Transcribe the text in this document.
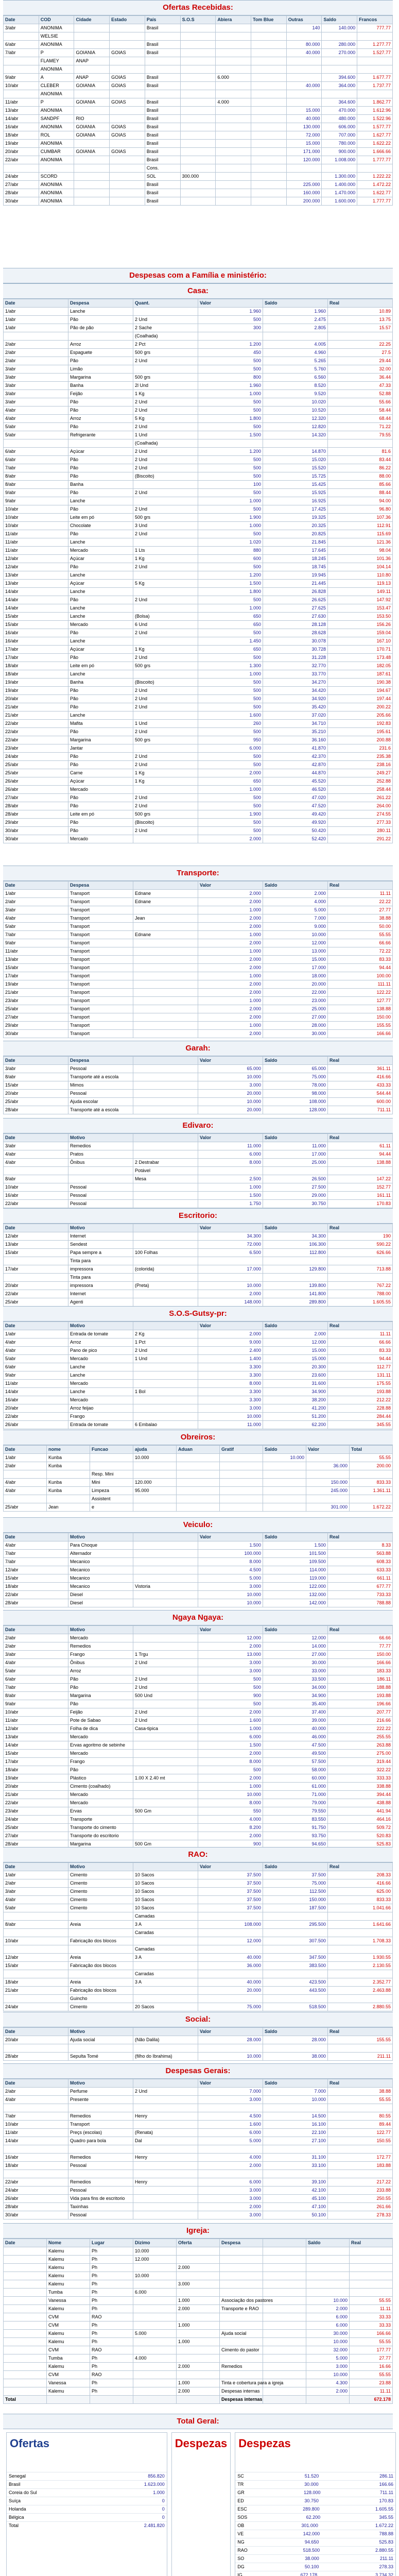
Ofertas Recebidas:
Date	COD	Cidade	Estado	País	S.O.S	Abiera	Tom Blue	Outras	Saldo	Francos
3/abr	ANONIMA			Brasil				140	140.000	777.77
	WELSIE									
6/abr	ANONIMA			Brasil				80.000	280.000	1.277.77
7/abr	P	GOIANIA	GOIAS	Brasil				40.000	270.000	1.527.77
	FLAMEY	ANAP								
	ANONIMA									
9/abr	A	ANAP	GOIAS	Brasil		6.000			394.600	1.677.77
10/abr	CLEBER	GOIANIA	GOIAS	Brasil				40.000	364.000	1.737.77
	ANONIMA									
11/abr	P	GOIANIA	GOIAS	Brasil		4.000			364.600	1.862.77
13/abr	ANONIMA			Brasil				15.000	470.000	1.612.96
14/abr	SANDPF	RIO		Brasil				40.000	480.000	1.522.96
16/abr	ANONIMA	GOIANIA	GOIAS	Brasil				130.000	606.000	1.577.77
18/abr	ROL	GOIANIA	GOIAS	Brasil				72.000	707.000	1.627.77
19/abr	ANONIMA			Brasil				15.000	780.000	1.622.22
20/abr	CUMBAR	GOIANIA	GOIAS	Brasil				171.000	900.000	1.666.66
22/abr	ANONIMA			Brasil				120.000	1.008.000	1.777.77
				Cons.						
24/abr	SCORD			SOL	300.000				1.300.000	1.222.22
27/abr	ANONIMA			Brasil				225.000	1.400.000	1.472.22
28/abr	ANONIMA			Brasil				160.000	1.470.000	1.622.77
30/abr	ANONIMA			Brasil				200.000	1.600.000	1.777.77
Despesas com a Família e ministério:
Casa:
Date	Despesa	Quant.	Valor	Saldo	Real
1/abr	Lanche		1.960	1.960	10.89
1/abr	Pão	2 Und	500	2.475	13.75
1/abr	Pão de pão	2 Sache	300	2.805	15.57
		(Coalhada)			
2/abr	Arroz	2 Pct	1.200	4.005	22.25
2/abr	Espaguete	500 grs	450	4.960	27.5
2/abr	Pão	2 Und	500	5.265	29.44
3/abr	Limão		500	5.760	32.00
3/abr	Margarina	500 grs	800	6.560	36.44
3/abr	Banha	2l Und	1.960	8.520	47.33
3/abr	Feijão	1 Kg	1.000	9.520	52.88
3/abr	Pão	2 Und	500	10.020	55.66
4/abr	Pão	2 Und	500	10.520	58.44
4/abr	Arroz	5 Kg	1.800	12.320	68.44
5/abr	Pão	2 Und	500	12.820	71.22
5/abr	Refrigerante	1 Und	1.500	14.320	79.55
		(Coalhada)			
6/abr	Açúcar	2 Und	1.200	14.870	81.6
6/abr	Pão	2 Und	500	15.020	83.44
7/abr	Pão	2 Und	500	15.520	86.22
8/abr	Pão	(Biscoito)	500	15.725	88.00
8/abr	Banha		100	15.425	85.66
9/abr	Pão	2 Und	500	15.925	88.44
9/abr	Lanche		1.000	16.925	94.00
10/abr	Pão	2 Und	500	17.425	96.80
10/abr	Leite em pó	500 grs	1.900	19.325	107.36
10/abr	Chocolate	3 Und	1.000	20.325	112.91
11/abr	Pão	2 Und	500	20.825	115.69
11/abr	Lanche		1.020	21.845	121.36
11/abr	Mercado	1 Lts	880	17.645	98.04
12/abr	Açúcar	1 Kg	600	18.245	101.36
12/abr	Pão	2 Und	500	18.745	104.14
13/abr	Lanche		1.200	19.945	110.80
13/abr	Açúcar	5 Kg	1.500	21.445	119.13
14/abr	Lanche		1.800	26.828	149.11
14/abr	Pão	2 Und	500	26.625	147.92
14/abr	Lanche		1.000	27.625	153.47
15/abr	Lanche	(Bolsa)	650	27.630	153.50
15/abr	Mercado	6 Und	650	28.128	156.26
16/abr	Pão	2 Und	500	28.628	159.04
16/abr	Lanche		1.450	30.078	167.10
17/abr	Açúcar	1 Kg	650	30.728	170.71
17/abr	Pão	2 Und	500	31.228	173.48
18/abr	Leite em pó	500 grs	1.300	32.770	182.05
18/abr	Lanche		1.000	33.770	187.61
19/abr	Banha	(Biscoito)	500	34.270	190.38
19/abr	Pão	2 Und	500	34.420	194.67
20/abr	Pão	2 Und	500	34.920	197.44
21/abr	Pão	2 Und	500	35.420	200.22
21/abr	Lanche		1.600	37.020	205.66
22/abr	Mafita	1 Und	260	34.710	192.83
22/abr	Pão	2 Und	500	35.210	195.61
22/abr	Margarina	500 grs	950	36.160	200.88
23/abr	Jantar		6.000	41.870	231.6
24/abr	Pão	2 Und	500	42.370	235.38
25/abr	Pão	2 Und	500	42.870	238.16
25/abr	Carne	1 Kg	2.000	44.870	249.27
26/abr	Açúcar	1 Kg	650	45.520	252.88
26/abr	Mercado		1.000	46.520	258.44
27/abr	Pão	2 Und	500	47.020	261.22
28/abr	Pão	2 Und	500	47.520	264.00
28/abr	Leite em pó	500 grs	1.900	49.420	274.55
29/abr	Pão	(Biscoito)	500	49.920	277.33
30/abr	Pão	2 Und	500	50.420	280.11
30/abr	Mercado		2.000	52.420	291.22
Transporte:
Date	Despesa		Valor	Saldo	Real
1/abr	Transport	Ednane	2.000	2.000	11.11
2/abr	Transport	Ednane	2.000	4.000	22.22
3/abr	Transport		1.000	5.000	27.77
4/abr	Transport	Jean	2.000	7.000	38.88
5/abr	Transport		2.000	9.000	50.00
7/abr	Transport	Ednane	1.000	10.000	55.55
9/abr	Transport		2.000	12.000	66.66
11/abr	Transport		1.000	13.000	72.22
13/abr	Transport		2.000	15.000	83.33
15/abr	Transport		2.000	17.000	94.44
17/abr	Transport		1.000	18.000	100.00
19/abr	Transport		2.000	20.000	111.11
21/abr	Transport		2.000	22.000	122.22
23/abr	Transport		1.000	23.000	127.77
25/abr	Transport		2.000	25.000	138.88
27/abr	Transport		2.000	27.000	150.00
29/abr	Transport		1.000	28.000	155.55
30/abr	Transport		2.000	30.000	166.66
Garah:
Date	Despesa		Valor	Saldo	Real
3/abr	Pessoal		65.000	65.000	361.11
8/abr	Transporte até a escola		10.000	75.000	416.66
15/abr	Mimos		3.000	78.000	433.33
20/abr	Pessoal		20.000	98.000	544.44
25/abr	Ajuda escolar		10.000	108.000	600.00
28/abr	Transporte até a escola		20.000	128.000	711.11
Edivaro:
Date	Motivo		Valor	Saldo	Real
3/abr	Remedios		11.000	11.000	61.11
4/abr	Pratos		6.000	17.000	94.44
4/abr	Ônibus	2 Destrabar	8.000	25.000	138.88
		Potável			
8/abr		Mesa	2.500	26.500	147.22
10/abr	Pessoal		1.000	27.500	152.77
16/abr	Pessoal		1.500	29.000	161.11
22/abr	Pessoal		1.750	30.750	170.83
Escritorio:
Date	Motivo		Valor	Saldo	Real
12/abr	Internet		34.300	34.300	190
13/abr	Sendest		72.000	106.300	590.22
15/abr	Papa sempre a	100 Folhas	6.500	112.800	626.66
	Tinta para				
17/abr	impressora	(colorida)	17.000	129.800	713.88
	Tinta para				
20/abr	impressora	(Preta)	10.000	139.800	767.22
22/abr	Internet		2.000	141.800	788.00
25/abr	Agenti		148.000	289.800	1.605.55
S.O.S-Gutsy-pr:
Date	Motivo		Valor	Saldo	Real
1/abr	Entrada de tomate	2 Kg	2.000	2.000	11.11
4/abr	Arroz	1 Pct	9.000	12.000	66.66
4/abr	Pano de pico	2 Und	2.400	15.000	83.33
5/abr	Mercado	1 Und	1.400	15.000	94.44
6/abr	Lanche		3.300	20.300	112.77
9/abr	Lanche		3.300	23.600	131.11
11/abr	Mercado		8.000	31.600	175.55
14/abr	Lanche	1 Bol	3.300	34.900	193.88
16/abr	Mercado		3.300	38.200	212.22
20/abr	Arroz feijao		3.000	41.200	228.88
22/abr	Frango		10.000	51.200	284.44
26/abr	Entrada de tomate	6 Embalao	11.000	62.200	345.55
Obreiros:
Date	nome	Funcao	ajuda	Aduan	Gratif	Saldo	Valor	Total
1/abr	Kunba		10.000			10.000		55.55
2/abr	Kunba						36.000	200.00
		Resp. Mini						
4/abr	Kunba	Mini	120.000				150.000	833.33
4/abr	Kunba	Limpeza	95.000				245.000	1.361.11
		Assistent						
25/abr	Jean	e					301.000	1.672.22
Veiculo:
Date	Motivo		Valor	Saldo	Real
4/abr	Para Choque		1.500	1.500	8.33
7/abr	Alternador		100.000	101.500	563.88
7/abr	Mecanico		8.000	109.500	608.33
12/abr	Mecanico		4.500	114.000	633.33
15/abr	Mecanico		5.000	119.000	661.11
18/abr	Mecanico	Vistoria	3.000	122.000	677.77
22/abr	Diesel		10.000	132.000	733.33
28/abr	Diesel		10.000	142.000	788.88
Ngaya Ngaya:
Date	Motivo		Valor	Saldo	Real
2/abr	Mercado		12.000	12.000	66.66
2/abr	Remedios		2.000	14.000	77.77
3/abr	Frango	1 Trgu	13.000	27.000	150.00
4/abr	Ônibus	2 Und	3.000	30.000	166.66
5/abr	Arroz		3.000	33.000	183.33
6/abr	Pão	2 Und	500	33.500	186.11
7/abr	Pão	2 Und	500	34.000	188.88
8/abr	Margarina	500 Und	900	34.900	193.88
9/abr	Pão		500	35.400	196.66
10/abr	Feijão	2 Und	2.000	37.400	207.77
11/abr	Pote de Sabao	2 Und	1.600	39.000	216.66
12/abr	Folha de dica	Casa-tipica	1.000	40.000	222.22
13/abr	Mercado		6.000	46.000	255.55
14/abr	Ervas agoritmo de sebinhe		1.500	47.500	263.88
15/abr	Mercado		2.000	49.500	275.00
17/abr	Frango		8.000	57.500	319.44
18/abr	Pão		500	58.000	322.22
19/abr	Plástico	1.00 X 2.40 mt	2.000	60.000	333.33
20/abr	Cimento (coalhado)		1.000	61.000	338.88
21/abr	Mercado		10.000	71.000	394.44
22/abr	Mercado		8.000	79.000	438.88
23/abr	Ervas	500 Gm	550	79.550	441.94
24/abr	Transporte		4.000	83.550	464.16
25/abr	Transporte do cimento		8.200	91.750	509.72
27/abr	Transporte do escritorio		2.000	93.750	520.83
28/abr	Margarina	500 Gm	900	94.650	525.83
RAO:
Date	Motivo		Valor	Saldo	Real
1/abr	Cimento	10 Sacos	37.500	37.500	208.33
2/abr	Cimento	10 Sacos	37.500	75.000	416.66
3/abr	Cimento	10 Sacos	37.500	112.500	625.00
4/abr	Cimento	10 Sacos	37.500	150.000	833.33
5/abr	Cimento	10 Sacos	37.500	187.500	1.041.66
		Camadas			
8/abr	Areia	3 A	108.000	295.500	1.641.66
		Carradas			
10/abr	Fabricação dos blocos		12.000	307.500	1.708.33
		Camadas			
12/abr	Areia	3 A	40.000	347.500	1.930.55
15/abr	Fabricação dos blocos		36.000	383.500	2.130.55
		Carradas			
18/abr	Areia	3 A	40.000	423.500	2.352.77
21/abr	Fabricação dos blocos		20.000	443.500	2.463.88
	Guincho				
24/abr	Cimento	20 Sacos	75.000	518.500	2.880.55
Social:
Date	Motivo		Valor	Saldo	Real
20/abr	Ajuda social	(Não Dalila)	28.000	28.000	155.55

28/abr	Sepulta Tomé	(filho do Ibrahima)	10.000	38.000	211.11
Despesas Gerais:
Date	Motivo		Valor	Saldo	Real
2/abr	Perfume	2 Und	7.000	7.000	38.88
4/abr	Presente		3.000	10.000	55.55

7/abr	Remedios	Henry	4.500	14.500	80.55
10/abr	Transport		1.600	16.100	89.44
11/abr	Preçs (escolas)	(Renata)	6.000	22.100	122.77
14/abr	Quadro para bola	Dal	5.000	27.100	150.55

16/abr	Remedios	Henry	4.000	31.100	172.77
18/abr	Pessoal		2.000	33.100	183.88

22/abr	Remedios	Henry	6.000	39.100	217.22
24/abr	Pessoal		3.000	42.100	233.88
26/abr	Vida para fins de escritorio		3.000	45.100	250.55
28/abr	Taxinhas		2.000	47.100	261.66
30/abr	Pessoal		3.000	50.100	278.33
Igreja:
Date	Nome	Lugar	Dizimo	Oferta	Despesa		Saldo	Real
	Kalemu	Ph	10.000					
	Kalemu	Ph	12.000					
	Kalemu	Ph		2.000				
	Kalemu	Ph	10.000					
	Kalemu	Ph		3.000				
	Tumba	Ph	6.000					
	Vanessa	Ph		1.000	Associação dos pastores		10.000	55.55
	Kalemu	Ph		2.000	Transporte e RAO		2.000	11.11
	CVM	RAO					6.000	33.33
	CVM	Ph		1.000			6.000	33.33
	Kalemu	Ph	5.000		Ajuda social		30.000	166.66
	Kalemu	Ph		1.000			10.000	55.55
	CVM	RAO			Cimento do pastor		32.000	177.77
	Tumba	Ph	4.000				5.000	27.77
	Kalemu	Ph		2.000	Remedios		3.000	16.66
	CVM	RAO					10.000	55.55
	Vanessa	Ph		1.000	Tinta e cobertura para a igreja		4.300	23.88
	Kalemu	Ph		2.000	Despesas internas		2.000	11.11
Total					Despesas internas			672.178
Total Geral:
Ofertas
Senegal	856.820
Brasil	1.623.000
Coreia do Sul	1.000
Suíça	0
Holanda	0
Bélgica	0
Total	2.481.820
Despezas Despezas
SC	51.520	286.11
TR	30.000	166.66
GR	128.000	711.11
ED	30.750	170.83
ESC	289.800	1.605.55
SOS	62.200	345.55
OB	301.000	1.672.22
VE	142.000	788.88
NG	94.650	525.83
RAO	518.500	2.880.55
SO	38.000	211.11
DG	50.100	278.33
IG	672.178	3.734.32
